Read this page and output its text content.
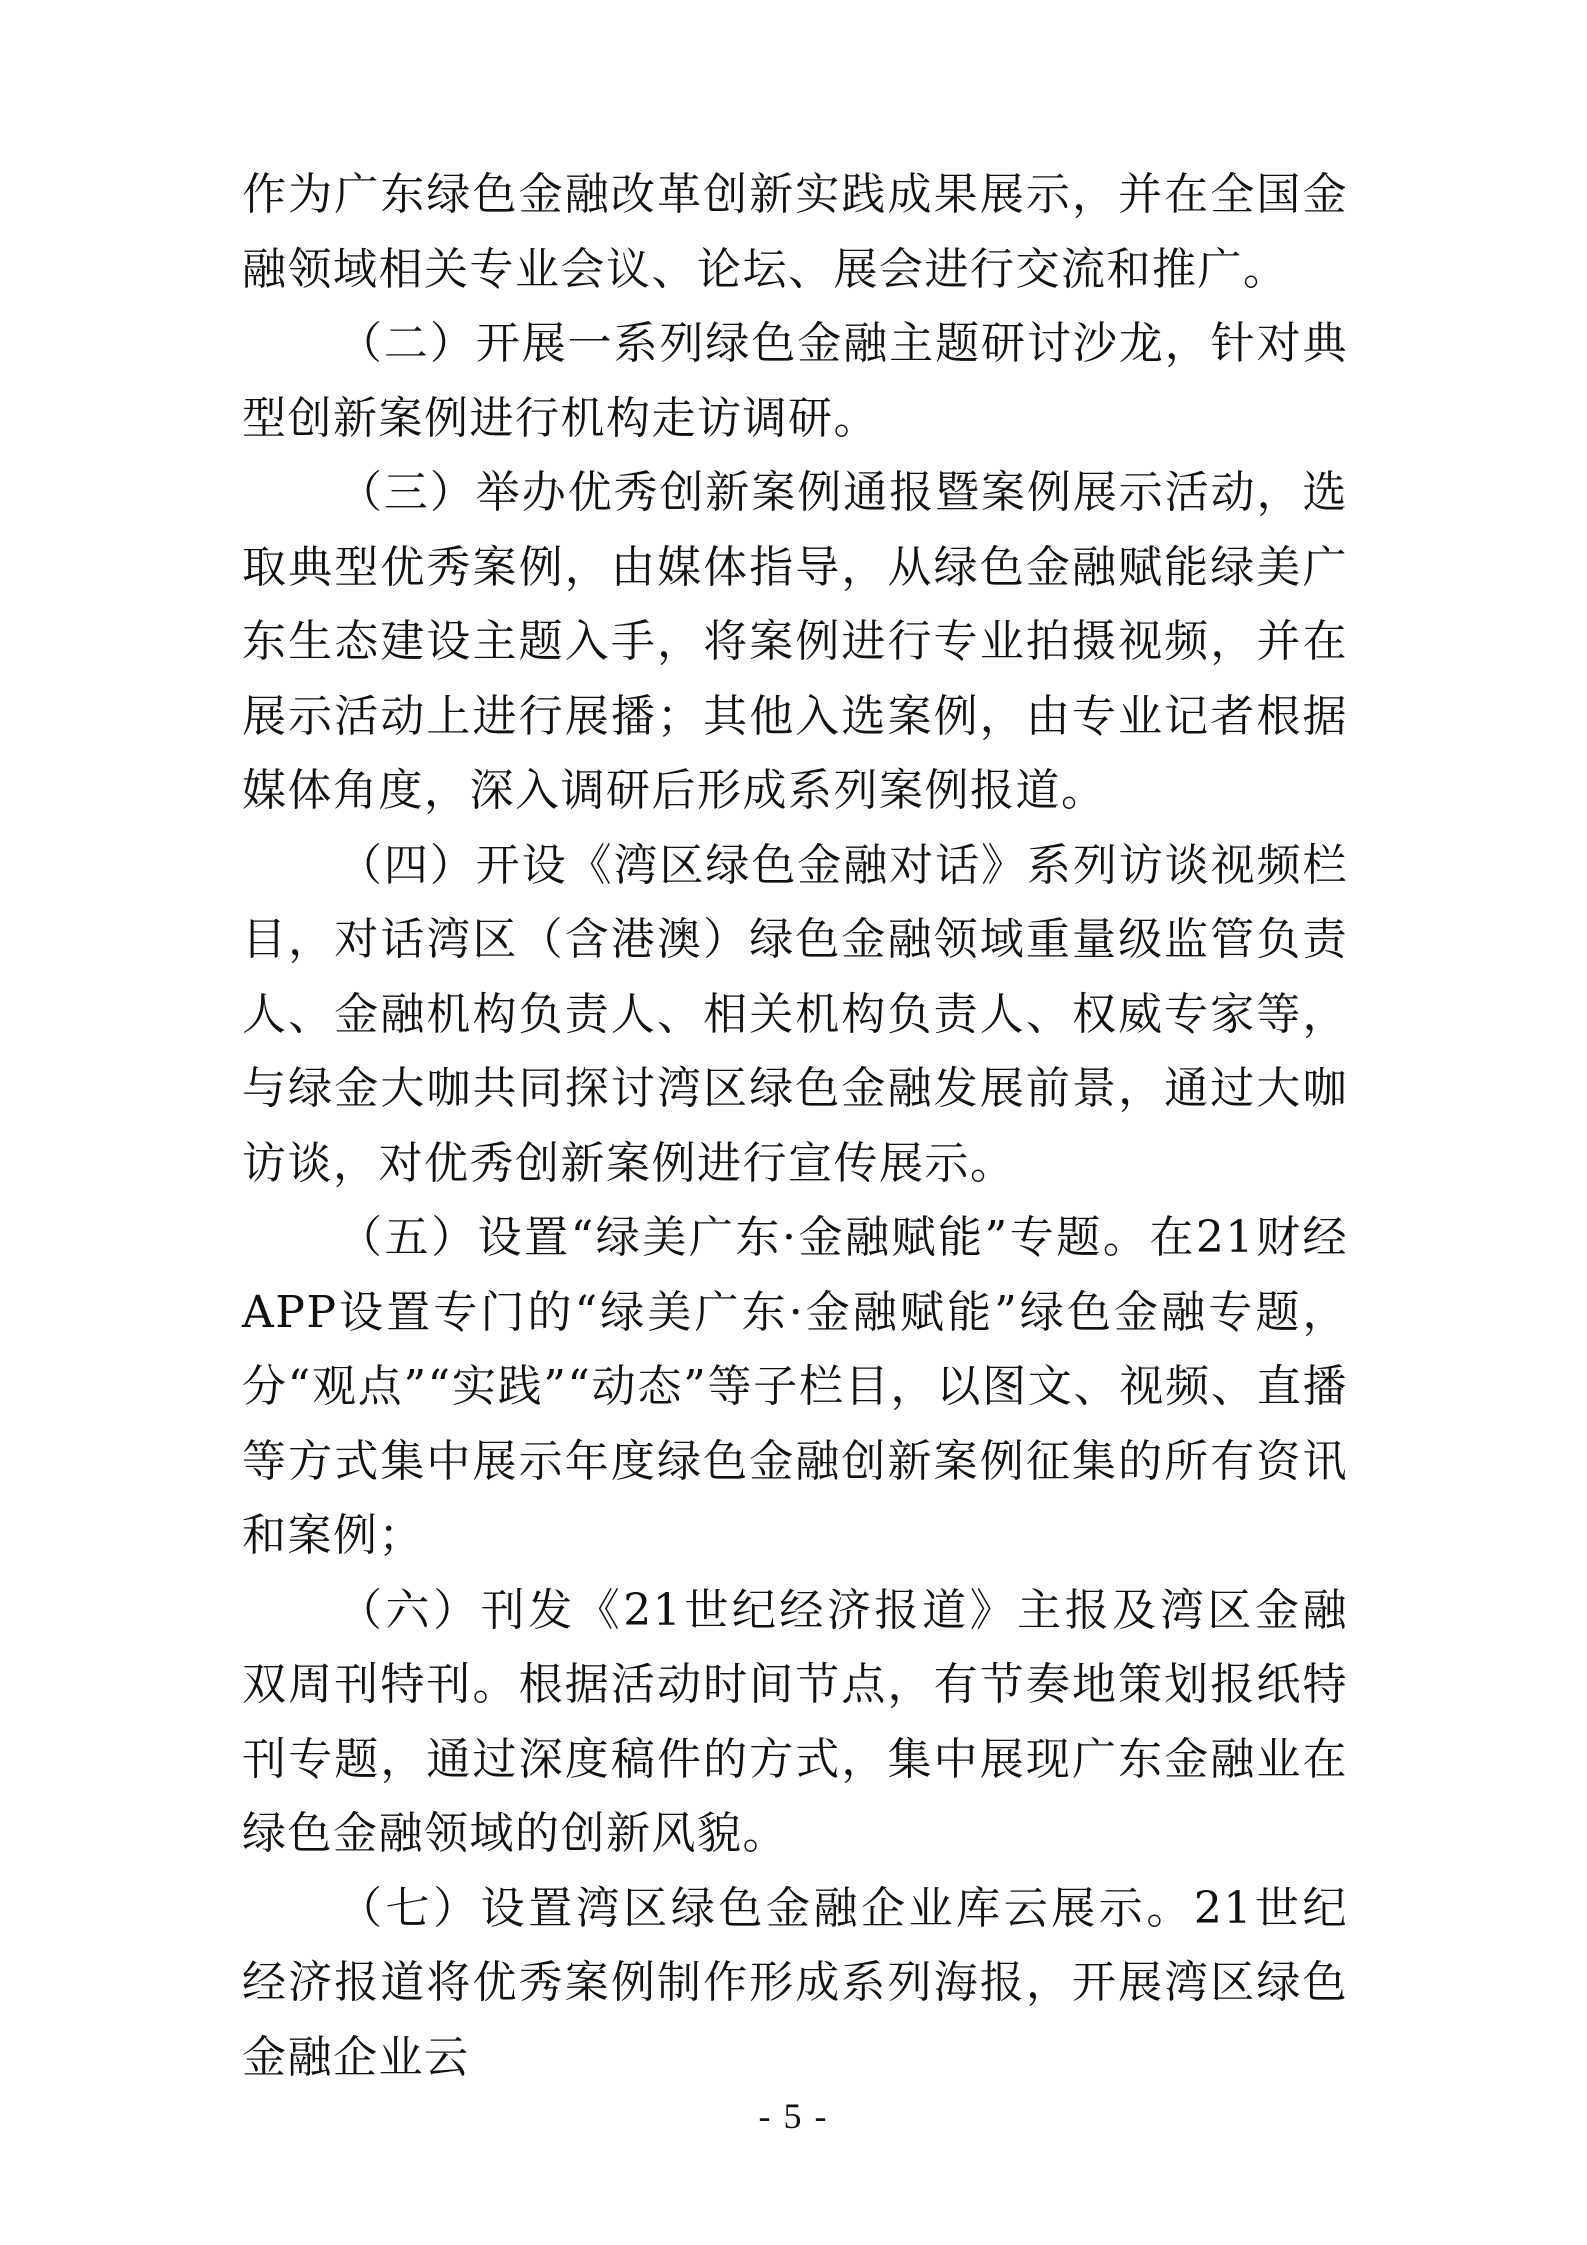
作为广东绿色金融改革创新实践成果展示，并在全国金融领域相关专业会议、论坛、展会进行交流和推广。

（二）开展一系列绿色金融主题研讨沙龙，针对典型创新案例进行机构走访调研。

（三）举办优秀创新案例通报暨案例展示活动，选取典型优秀案例，由媒体指导，从绿色金融赋能绿美广东生态建设主题入手，将案例进行专业拍摄视频，并在展示活动上进行展播；其他入选案例，由专业记者根据媒体角度，深入调研后形成系列案例报道。

（四）开设《湾区绿色金融对话》系列访谈视频栏目，对话湾区（含港澳）绿色金融领域重量级监管负责人、金融机构负责人、相关机构负责人、权威专家等，与绿金大咖共同探讨湾区绿色金融发展前景，通过大咖访谈，对优秀创新案例进行宣传展示。

（五）设置“绿美广东·金融赋能”专题。在21财经APP设置专门的“绿美广东·金融赋能”绿色金融专题，分“观点”“实践”“动态”等子栏目，以图文、视频、直播等方式集中展示年度绿色金融创新案例征集的所有资讯和案例；

（六）刊发《21世纪经济报道》主报及湾区金融双周刊特刊。根据活动时间节点，有节奏地策划报纸特刊专题，通过深度稿件的方式，集中展现广东金融业在绿色金融领域的创新风貌。

（七）设置湾区绿色金融企业库云展示。21世纪经济报道将优秀案例制作形成系列海报，开展湾区绿色金融企业云

- 5 -
